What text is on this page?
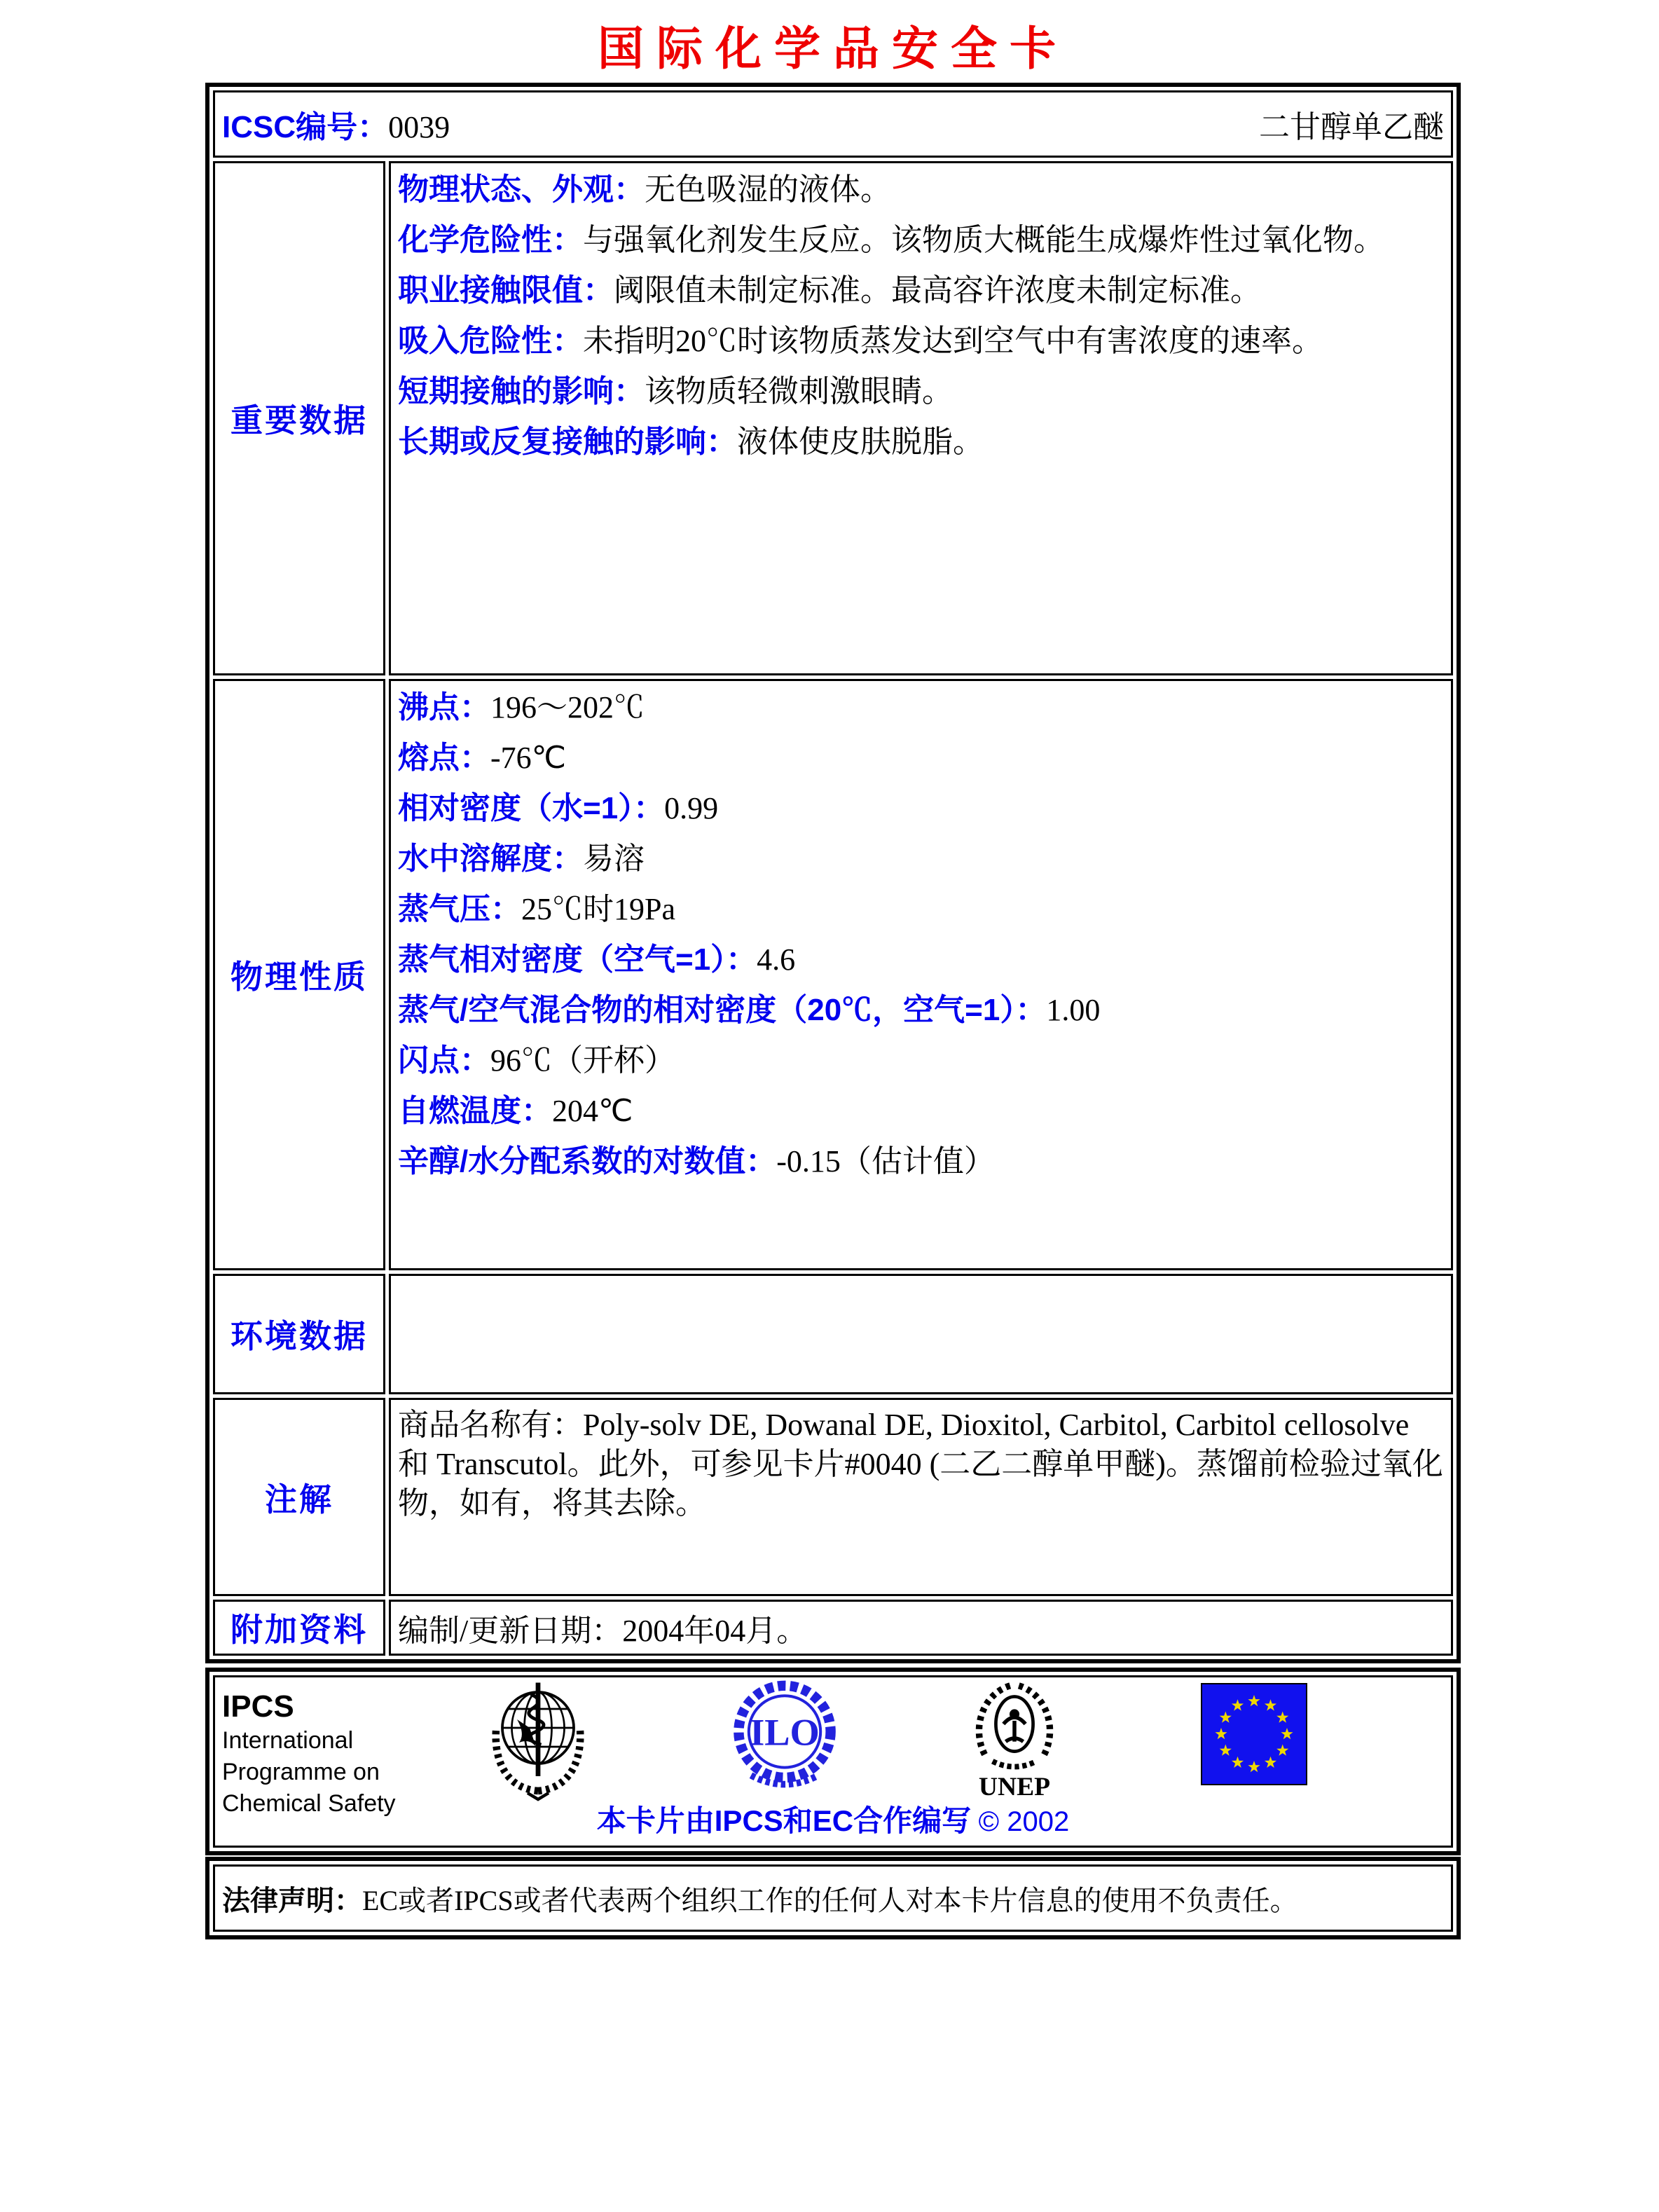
国际化学品安全卡
ICSC编号：0039	二甘醇单乙醚
重要数据
物理状态、外观：无色吸湿的液体。
化学危险性：与强氧化剂发生反应。该物质大概能生成爆炸性过氧化物。
职业接触限值：阈限值未制定标准。最高容许浓度未制定标准。
吸入危险性：未指明20℃时该物质蒸发达到空气中有害浓度的速率。
短期接触的影响：该物质轻微刺激眼睛。
长期或反复接触的影响：液体使皮肤脱脂。
物理性质
沸点：196～202℃
熔点：-76℃
相对密度（水=1）：0.99
水中溶解度：易溶
蒸气压：25℃时19Pa
蒸气相对密度（空气=1）：4.6
蒸气/空气混合物的相对密度（20℃，空气=1）：1.00
闪点：96℃（开杯）
自燃温度：204℃
辛醇/水分配系数的对数值：-0.15（估计值）
环境数据
注解
商品名称有：Poly-solv DE, Dowanal DE, Dioxitol, Carbitol, Carbitol cellosolve 和 Transcutol。此外，可参见卡片#0040 (二乙二醇单甲醚)。蒸馏前检验过氧化物，如有，将其去除。
附加资料 编制/更新日期：2004年04月。
IPCS
International
Programme on
Chemical Safety
ILO
UNEP
本卡片由IPCS和EC合作编写 © 2002
法律声明： EC或者IPCS或者代表两个组织工作的任何人对本卡片信息的使用不负责任。
